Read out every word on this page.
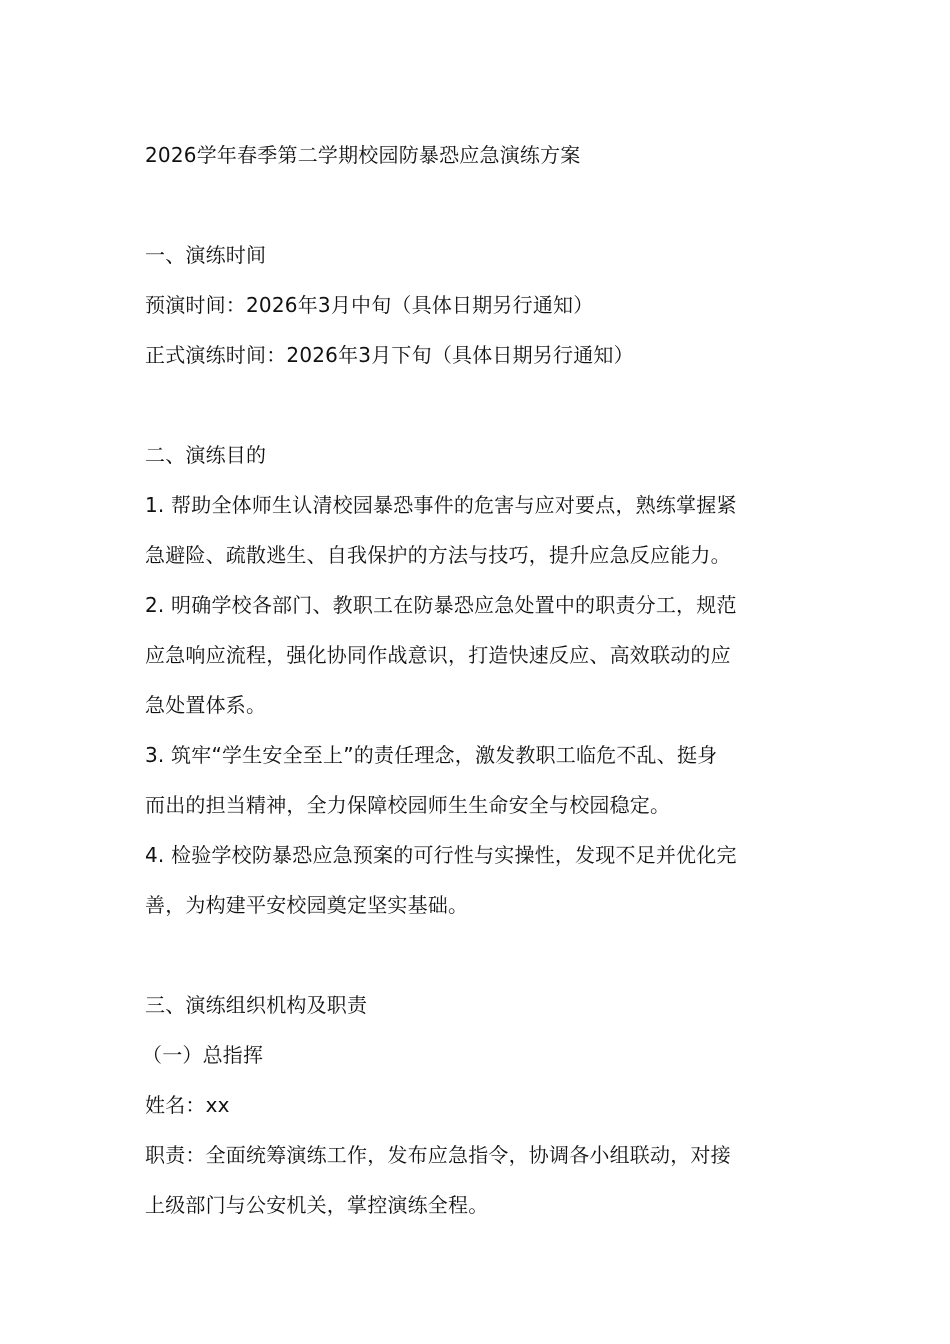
2026学年春季第二学期校园防暴恐应急演练方案

一、演练时间

预演时间：2026年3月中旬（具体日期另行通知）

正式演练时间：2026年3月下旬（具体日期另行通知）

二、演练目的

1. 帮助全体师生认清校园暴恐事件的危害与应对要点，熟练掌握紧

急避险、疏散逃生、自我保护的方法与技巧，提升应急反应能力。

2. 明确学校各部门、教职工在防暴恐应急处置中的职责分工，规范

应急响应流程，强化协同作战意识，打造快速反应、高效联动的应

急处置体系。

3. 筑牢“学生安全至上”的责任理念，激发教职工临危不乱、挺身

而出的担当精神，全力保障校园师生生命安全与校园稳定。

4. 检验学校防暴恐应急预案的可行性与实操性，发现不足并优化完

善，为构建平安校园奠定坚实基础。

三、演练组织机构及职责

（一）总指挥

姓名：xx

职责：全面统筹演练工作，发布应急指令，协调各小组联动，对接

上级部门与公安机关，掌控演练全程。
